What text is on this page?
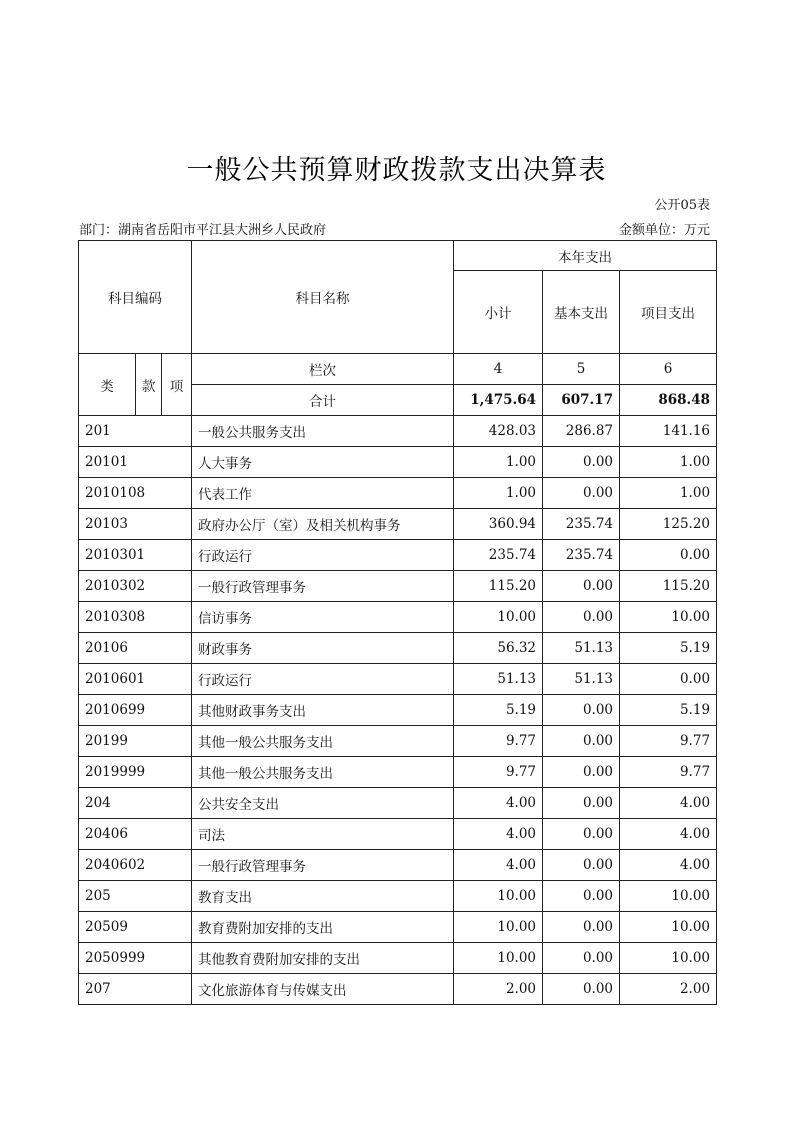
一般公共预算财政拨款支出决算表
公开05表
部门：湖南省岳阳市平江县大洲乡人民政府	金额单位：万元
科目编码			科目名称	本年支出		
				小计	基本支出	项目支出
类	款	项	栏次	4	5	6
			合计	1,475.64	607.17	868.48
201			一般公共服务支出	428.03	286.87	141.16
20101			人大事务	1.00	0.00	1.00
2010108			代表工作	1.00	0.00	1.00
20103			政府办公厅（室）及相关机构事务	360.94	235.74	125.20
2010301			行政运行	235.74	235.74	0.00
2010302			一般行政管理事务	115.20	0.00	115.20
2010308			信访事务	10.00	0.00	10.00
20106			财政事务	56.32	51.13	5.19
2010601			行政运行	51.13	51.13	0.00
2010699			其他财政事务支出	5.19	0.00	5.19
20199			其他一般公共服务支出	9.77	0.00	9.77
2019999			其他一般公共服务支出	9.77	0.00	9.77
204			公共安全支出	4.00	0.00	4.00
20406			司法	4.00	0.00	4.00
2040602			一般行政管理事务	4.00	0.00	4.00
205			教育支出	10.00	0.00	10.00
20509			教育费附加安排的支出	10.00	0.00	10.00
2050999			其他教育费附加安排的支出	10.00	0.00	10.00
207			文化旅游体育与传媒支出	2.00	0.00	2.00
